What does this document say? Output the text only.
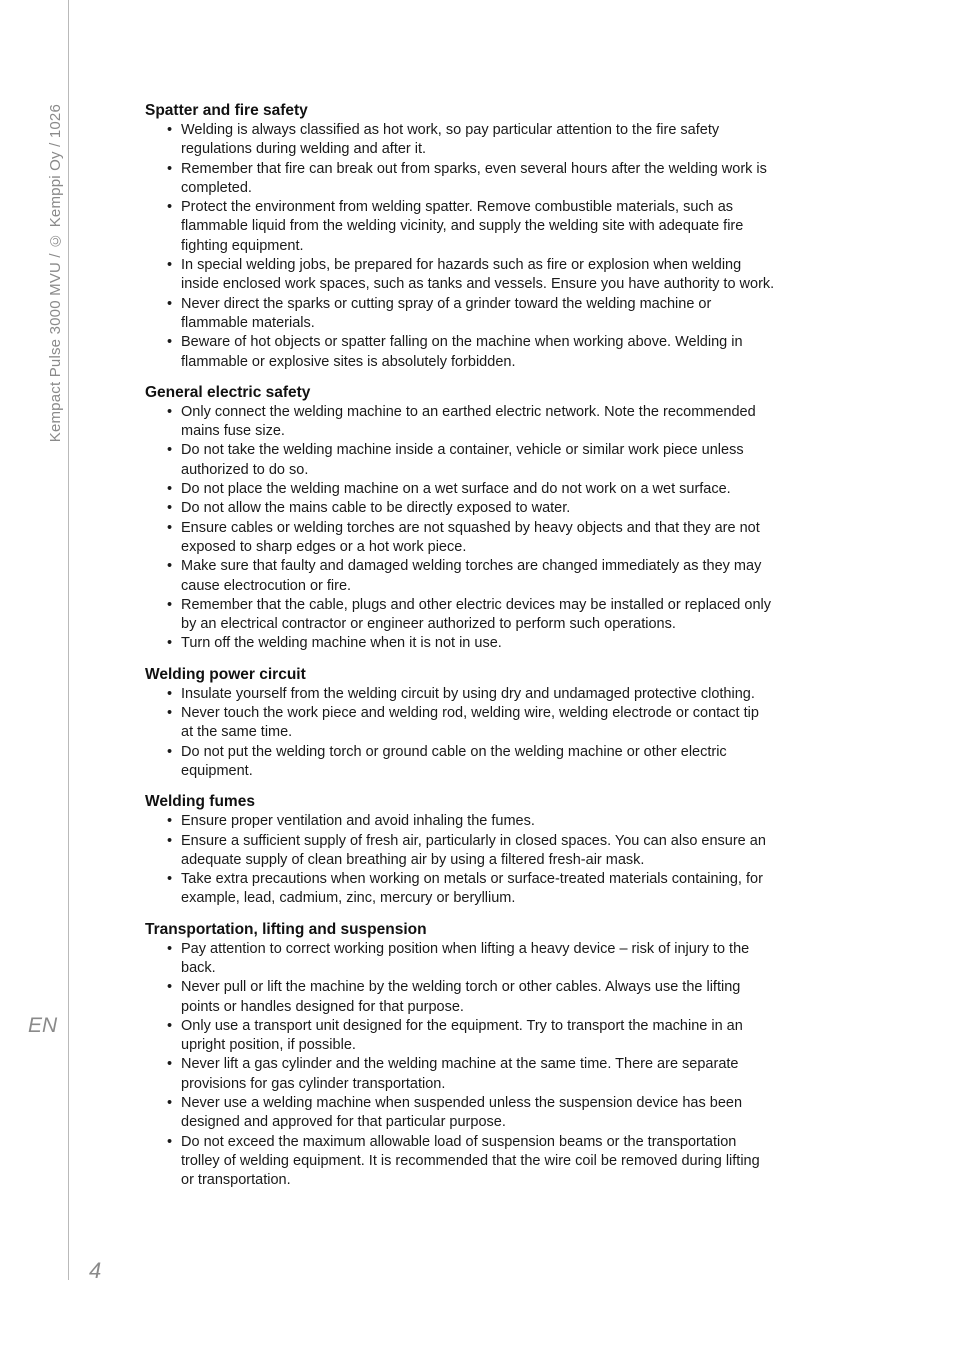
Kempact Pulse 3000 MVU / © Kemppi Oy / 1026
EN
4
Spatter and fire safety
• Welding is always classified as hot work, so pay particular attention to the fire safety regulations during welding and after it.
• Remember that fire can break out from sparks, even several hours after the welding work is completed.
• Protect the environment from welding spatter. Remove combustible materials, such as flammable liquid from the welding vicinity, and supply the welding site with adequate fire fighting equipment.
• In special welding jobs, be prepared for hazards such as fire or explosion when welding inside enclosed work spaces, such as tanks and vessels. Ensure you have authority to work.
• Never direct the sparks or cutting spray of a grinder toward the welding machine or flammable materials.
• Beware of hot objects or spatter falling on the machine when working above. Welding in flammable or explosive sites is absolutely forbidden.
General electric safety
• Only connect the welding machine to an earthed electric network. Note the recommended mains fuse size.
• Do not take the welding machine inside a container, vehicle or similar work piece unless authorized to do so.
• Do not place the welding machine on a wet surface and do not work on a wet surface.
• Do not allow the mains cable to be directly exposed to water.
• Ensure cables or welding torches are not squashed by heavy objects and that they are not exposed to sharp edges or a hot work piece.
• Make sure that faulty and damaged welding torches are changed immediately as they may cause electrocution or fire.
• Remember that the cable, plugs and other electric devices may be installed or replaced only by an electrical contractor or engineer authorized to perform such operations.
• Turn off the welding machine when it is not in use.
Welding power circuit
• Insulate yourself from the welding circuit by using dry and undamaged protective clothing.
• Never touch the work piece and welding rod, welding wire, welding electrode or contact tip at the same time.
• Do not put the welding torch or ground cable on the welding machine or other electric equipment.
Welding fumes
• Ensure proper ventilation and avoid inhaling the fumes.
• Ensure a sufficient supply of fresh air, particularly in closed spaces. You can also ensure an adequate supply of clean breathing air by using a filtered fresh-air mask.
• Take extra precautions when working on metals or surface-treated materials containing, for example, lead, cadmium, zinc, mercury or beryllium.
Transportation, lifting and suspension
• Pay attention to correct working position when lifting a heavy device – risk of injury to the back.
• Never pull or lift the machine by the welding torch or other cables. Always use the lifting points or handles designed for that purpose.
• Only use a transport unit designed for the equipment. Try to transport the machine in an upright position, if possible.
• Never lift a gas cylinder and the welding machine at the same time. There are separate provisions for gas cylinder transportation.
• Never use a welding machine when suspended unless the suspension device has been designed and approved for that particular purpose.
• Do not exceed the maximum allowable load of suspension beams or the transportation trolley of welding equipment. It is recommended that the wire coil be removed during lifting or transportation.
